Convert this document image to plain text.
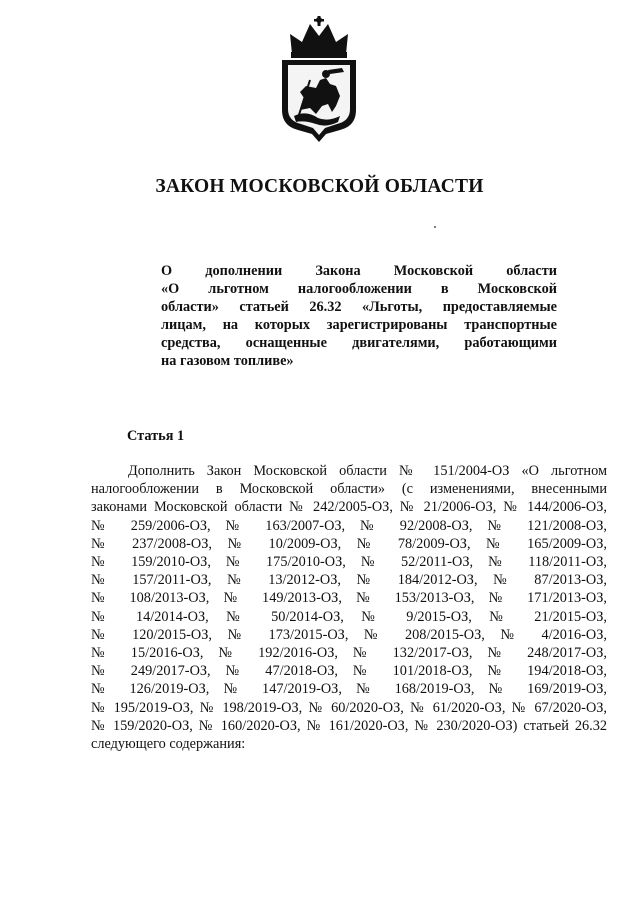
ЗАКОН МОСКОВСКОЙ ОБЛАСТИ
О дополнении Закона Московской области
«О льготном налогообложении в Московской
области» статьей 26.32 «Льготы, предоставляемые
лицам, на которых зарегистрированы транспортные
средства, оснащенные двигателями, работающими
на газовом топливе»
Статья 1
Дополнить Закон Московской области № 151/2004-ОЗ «О льготном
налогообложении в Московской области» (с изменениями, внесенными
законами Московской области № 242/2005-ОЗ, № 21/2006-ОЗ, № 144/2006-ОЗ,
№ 259/2006-ОЗ, № 163/2007-ОЗ, № 92/2008-ОЗ, № 121/2008-ОЗ,
№ 237/2008-ОЗ, № 10/2009-ОЗ, № 78/2009-ОЗ, № 165/2009-ОЗ,
№ 159/2010-ОЗ, № 175/2010-ОЗ, № 52/2011-ОЗ, № 118/2011-ОЗ,
№ 157/2011-ОЗ, № 13/2012-ОЗ, № 184/2012-ОЗ, № 87/2013-ОЗ,
№ 108/2013-ОЗ, № 149/2013-ОЗ, № 153/2013-ОЗ, № 171/2013-ОЗ,
№ 14/2014-ОЗ, № 50/2014-ОЗ, № 9/2015-ОЗ, № 21/2015-ОЗ,
№ 120/2015-ОЗ, № 173/2015-ОЗ, № 208/2015-ОЗ, № 4/2016-ОЗ,
№ 15/2016-ОЗ, № 192/2016-ОЗ, № 132/2017-ОЗ, № 248/2017-ОЗ,
№ 249/2017-ОЗ, № 47/2018-ОЗ, № 101/2018-ОЗ, № 194/2018-ОЗ,
№ 126/2019-ОЗ, № 147/2019-ОЗ, № 168/2019-ОЗ, № 169/2019-ОЗ,
№ 195/2019-ОЗ, № 198/2019-ОЗ, № 60/2020-ОЗ, № 61/2020-ОЗ, № 67/2020-ОЗ,
№ 159/2020-ОЗ, № 160/2020-ОЗ, № 161/2020-ОЗ, № 230/2020-ОЗ) статьей 26.32
следующего содержания:
